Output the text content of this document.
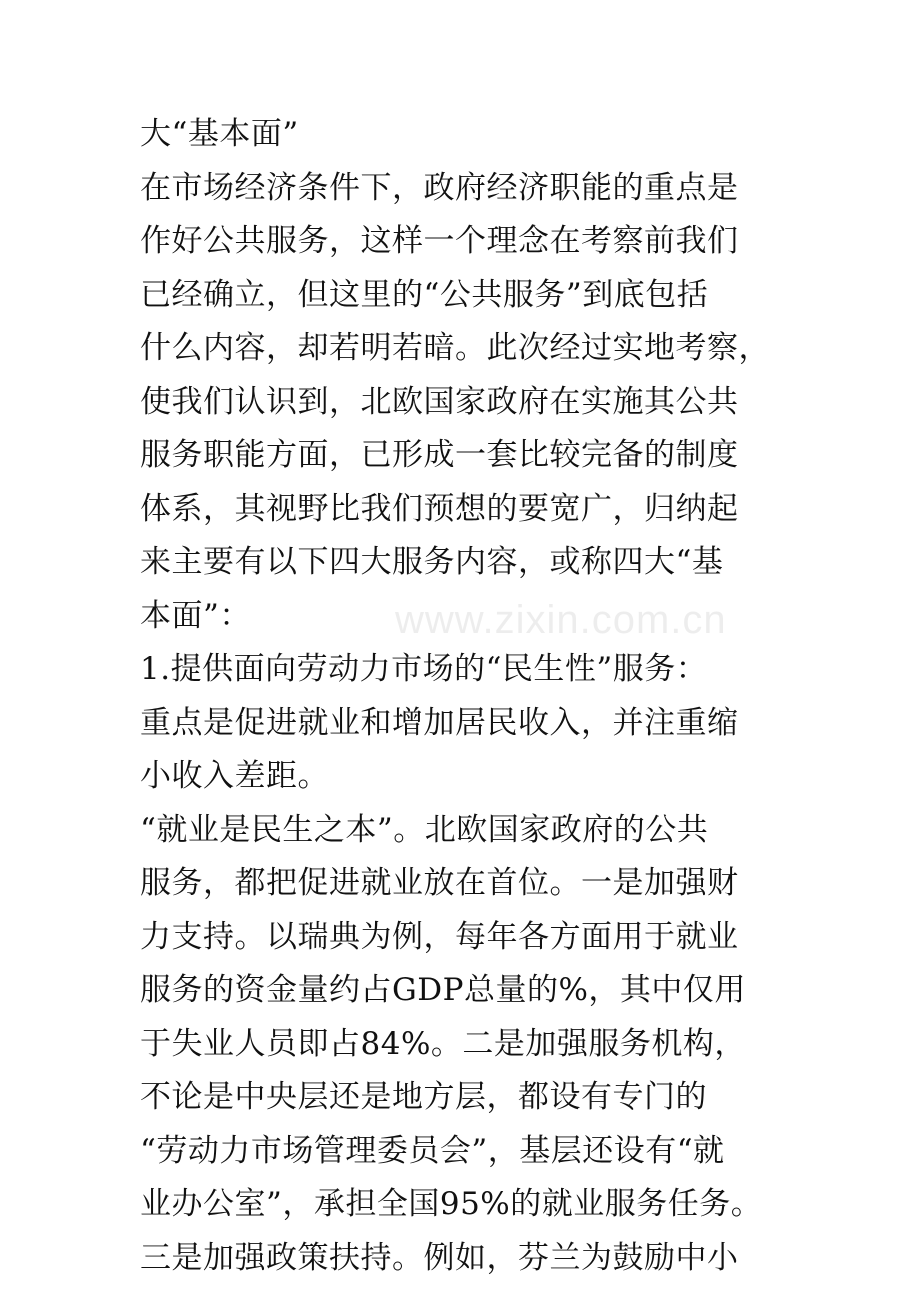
大“基本面”
在市场经济条件下，政府经济职能的重点是
作好公共服务，这样一个理念在考察前我们
已经确立，但这里的“公共服务”到底包括
什么内容，却若明若暗。此次经过实地考察，
使我们认识到，北欧国家政府在实施其公共
服务职能方面，已形成一套比较完备的制度
体系，其视野比我们预想的要宽广，归纳起
来主要有以下四大服务内容，或称四大“基
本面”：
1.提供面向劳动力市场的“民生性”服务：
重点是促进就业和增加居民收入，并注重缩
小收入差距。
“就业是民生之本”。北欧国家政府的公共
服务，都把促进就业放在首位。一是加强财
力支持。以瑞典为例，每年各方面用于就业
服务的资金量约占GDP总量的%，其中仅用
于失业人员即占84%。二是加强服务机构，
不论是中央层还是地方层，都设有专门的
“劳动力市场管理委员会”，基层还设有“就
业办公室”，承担全国95%的就业服务任务。
三是加强政策扶持。例如，芬兰为鼓励中小
www.zixin.com.cn
